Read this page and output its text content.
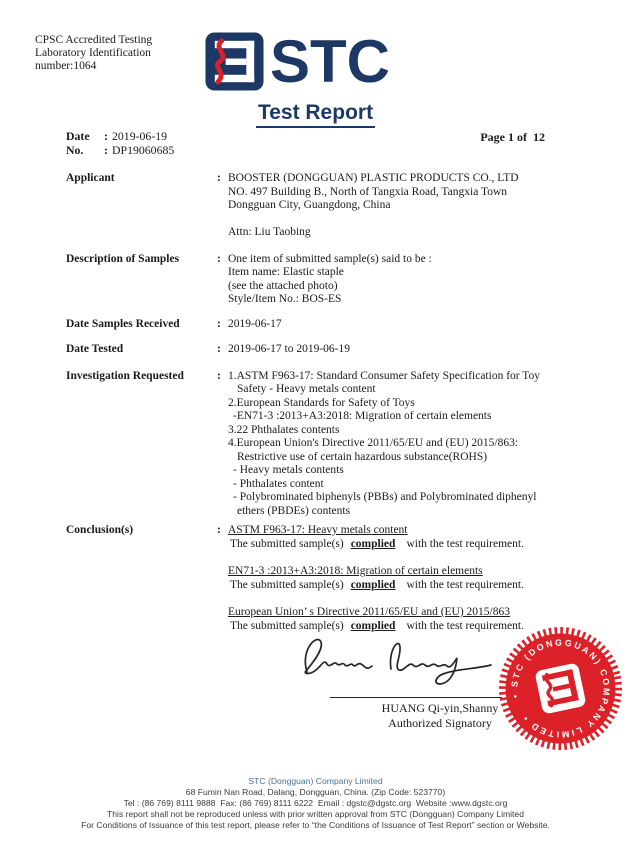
CPSC Accredited Testing
Laboratory Identification
number:1064	STC
Test Report
Date	: 2019-06-19
No.	: DP19060685
Page 1 of  12
Applicant	: BOOSTER (DONGGUAN) PLASTIC PRODUCTS CO., LTD
NO. 497 Building B., North of Tangxia Road, Tangxia Town
Dongguan City, Guangdong, China
Attn: Liu Taobing
Description of Samples	: One item of submitted sample(s) said to be :
Item name: Elastic staple
(see the attached photo)
Style/Item No.: BOS-ES
Date Samples Received	: 2019-06-17
Date Tested	: 2019-06-17 to 2019-06-19
Investigation Requested	: 1.ASTM F963-17: Standard Consumer Safety Specification for Toy
Safety - Heavy metals content
2.European Standards for Safety of Toys
-EN71-3 :2013+A3:2018: Migration of certain elements
3.22 Phthalates contents
4.European Union's Directive 2011/65/EU and (EU) 2015/863:
Restrictive use of certain hazardous substance(ROHS)
- Heavy metals contents
- Phthalates content
- Polybrominated biphenyls (PBBs) and Polybrominated diphenyl
ethers (PBDEs) contents
Conclusion(s)	: ASTM F963-17: Heavy metals content
The submitted sample(s) complied with the test requirement.
EN71-3 :2013+A3:2018: Migration of certain elements
The submitted sample(s) complied with the test requirement.
European Union’ s Directive 2011/65/EU and (EU) 2015/863
The submitted sample(s) complied with the test requirement.
HUANG Qi-yin,Shanny
Authorized Signatory
• STC (DONGGUAN) COMPANY LIMITED •
STC (Dongguan) Company Limited
68 Fumin Nan Road, Dalang, Dongguan, China. (Zip Code: 523770)
Tel : (86 769) 8111 9888  Fax: (86 769) 8111 6222  Email : dgstc@dgstc.org  Website :www.dgstc.org
This report shall not be reproduced unless with prior written approval from STC (Dongguan) Company Limited
For Conditions of Issuance of this test report, please refer to “the Conditions of Issuance of Test Report” section or Website.
